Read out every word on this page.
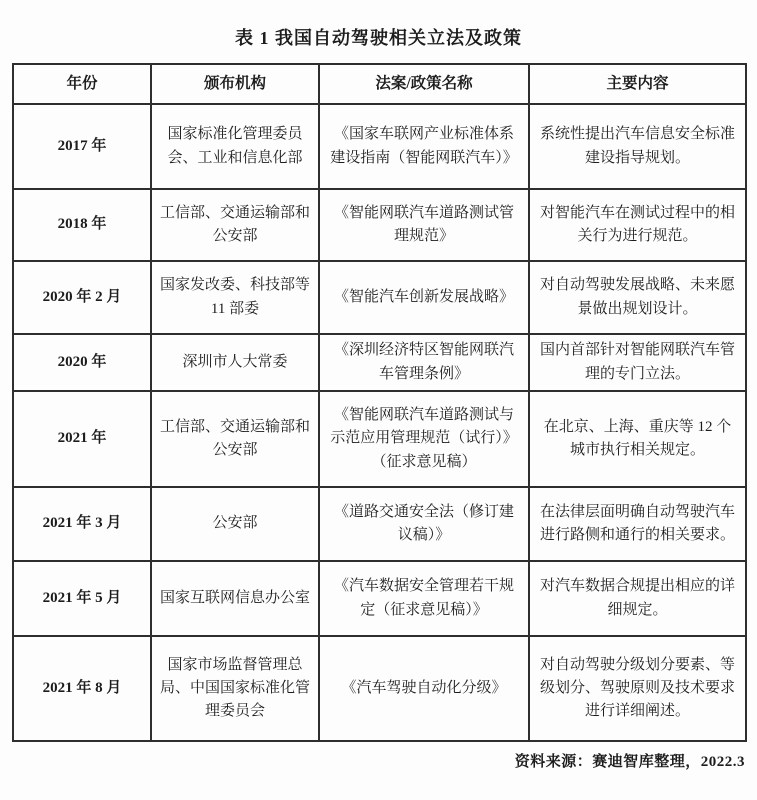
表 1 我国自动驾驶相关立法及政策
年份	颁布机构	法案/政策名称	主要内容
2017 年	国家标准化管理委员会、工业和信息化部	《国家车联网产业标准体系建设指南（智能网联汽车）》	系统性提出汽车信息安全标准建设指导规划。
2018 年	工信部、交通运输部和公安部	《智能网联汽车道路测试管理规范》	对智能汽车在测试过程中的相关行为进行规范。
2020 年 2 月	国家发改委、科技部等 11 部委	《智能汽车创新发展战略》	对自动驾驶发展战略、未来愿景做出规划设计。
2020 年	深圳市人大常委	《深圳经济特区智能网联汽车管理条例》	国内首部针对智能网联汽车管理的专门立法。
2021 年	工信部、交通运输部和公安部	《智能网联汽车道路测试与示范应用管理规范（试行）》（征求意见稿）	在北京、上海、重庆等 12 个城市执行相关规定。
2021 年 3 月	公安部	《道路交通安全法（修订建议稿）》	在法律层面明确自动驾驶汽车进行路侧和通行的相关要求。
2021 年 5 月	国家互联网信息办公室	《汽车数据安全管理若干规定（征求意见稿）》	对汽车数据合规提出相应的详细规定。
2021 年 8 月	国家市场监督管理总局、中国国家标准化管理委员会	《汽车驾驶自动化分级》	对自动驾驶分级划分要素、等级划分、驾驶原则及技术要求进行详细阐述。
资料来源：赛迪智库整理，2022.3
